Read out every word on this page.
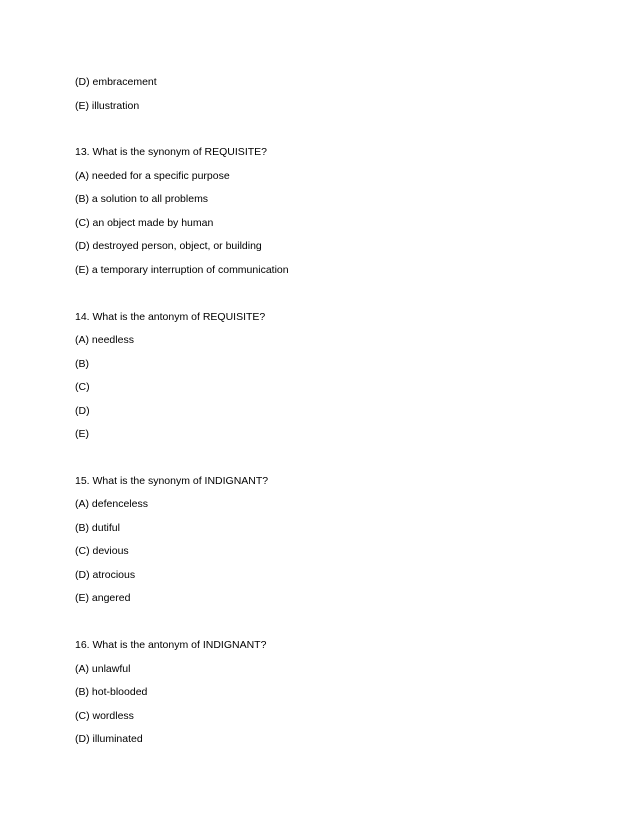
(D) embracement
(E) illustration
13. What is the synonym of REQUISITE?
(A) needed for a specific purpose
(B) a solution to all problems
(C) an object made by human
(D) destroyed person, object, or building
(E) a temporary interruption of communication
14. What is the antonym of REQUISITE?
(A) needless
(B)
(C)
(D)
(E)
15. What is the synonym of INDIGNANT?
(A) defenceless
(B) dutiful
(C) devious
(D) atrocious
(E) angered
16. What is the antonym of INDIGNANT?
(A) unlawful
(B) hot-blooded
(C) wordless
(D) illuminated
